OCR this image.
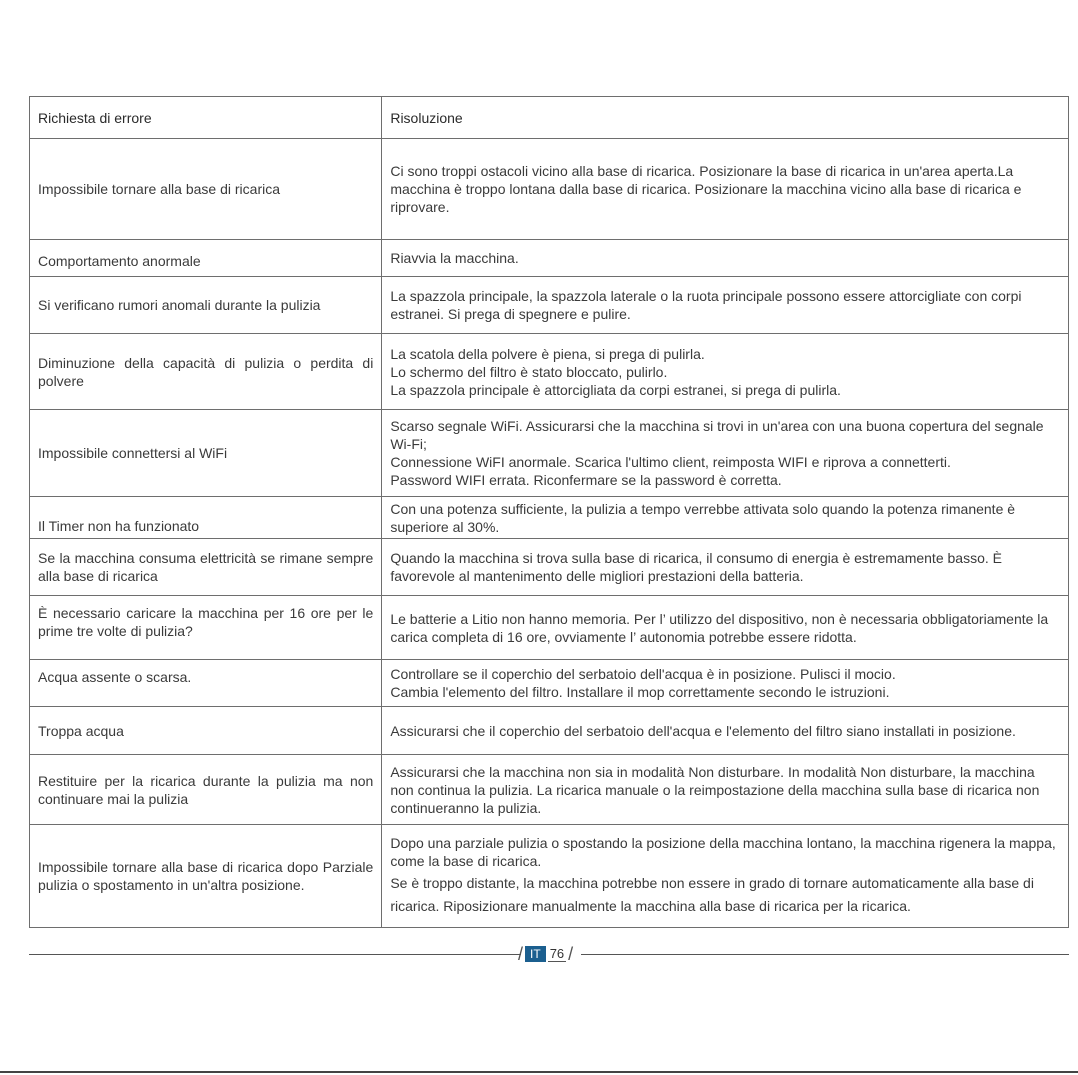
Richiesta di errore	Risoluzione
Impossibile tornare alla base di ricarica	Ci sono troppi ostacoli vicino alla base di ricarica. Posizionare la base di ricarica in un'area aperta.La macchina è troppo lontana dalla base di ricarica. Posizionare la macchina vicino alla base di ricarica e riprovare.

Comportamento anormale	Riavvia la macchina.

Si verificano rumori anomali durante la pulizia	La spazzola principale, la spazzola laterale o la ruota principale possono essere attorcigliate con corpi estranei. Si prega di spegnere e pulire.

Diminuzione della capacità di pulizia o perdita di polvere	La scatola della polvere è piena, si prega di pulirla.
Lo schermo del filtro è stato bloccato, pulirlo.
La spazzola principale è attorcigliata da corpi estranei, si prega di pulirla.

Impossibile connettersi al WiFi	Scarso segnale WiFi. Assicurarsi che la macchina si trovi in un'area con una buona copertura del segnale Wi-Fi;
Connessione WiFI anormale. Scarica l'ultimo client, reimposta WIFI e riprova a connetterti.
Password WIFI errata. Riconfermare se la password è corretta.

Il Timer non ha funzionato	Con una potenza sufficiente, la pulizia a tempo verrebbe attivata solo quando la potenza rimanente è superiore al 30%.

Se la macchina consuma elettricità se rimane sempre alla base di ricarica	Quando la macchina si trova sulla base di ricarica, il consumo di energia è estremamente basso. È favorevole al mantenimento delle migliori prestazioni della batteria.

È necessario caricare la macchina per 16 ore per le prime tre volte di pulizia?	Le batterie a Litio non hanno memoria. Per l’ utilizzo del dispositivo, non è necessaria obbligatoriamente la carica completa di 16 ore, ovviamente l’ autonomia potrebbe essere ridotta.

Acqua assente o scarsa.	Controllare se il coperchio del serbatoio dell'acqua è in posizione. Pulisci il mocio.
Cambia l'elemento del filtro. Installare il mop correttamente secondo le istruzioni.

Troppa acqua	Assicurarsi che il coperchio del serbatoio dell'acqua e l'elemento del filtro siano installati in posizione.

Restituire per la ricarica durante la pulizia ma non continuare mai la pulizia	Assicurarsi che la macchina non sia in modalità Non disturbare. In modalità Non disturbare, la macchina non continua la pulizia. La ricarica manuale o la reimpostazione della macchina sulla base di ricarica non continueranno la pulizia.

Impossibile tornare alla base di ricarica dopo Parziale pulizia o spostamento in un'altra posizione.	Dopo una parziale pulizia o spostando la posizione della macchina lontano, la macchina rigenera la mappa, come la base di ricarica.
Se è troppo distante, la macchina potrebbe non essere in grado di tornare automaticamente alla base di ricarica. Riposizionare manualmente la macchina alla base di ricarica per la ricarica.
/ IT 76 /
